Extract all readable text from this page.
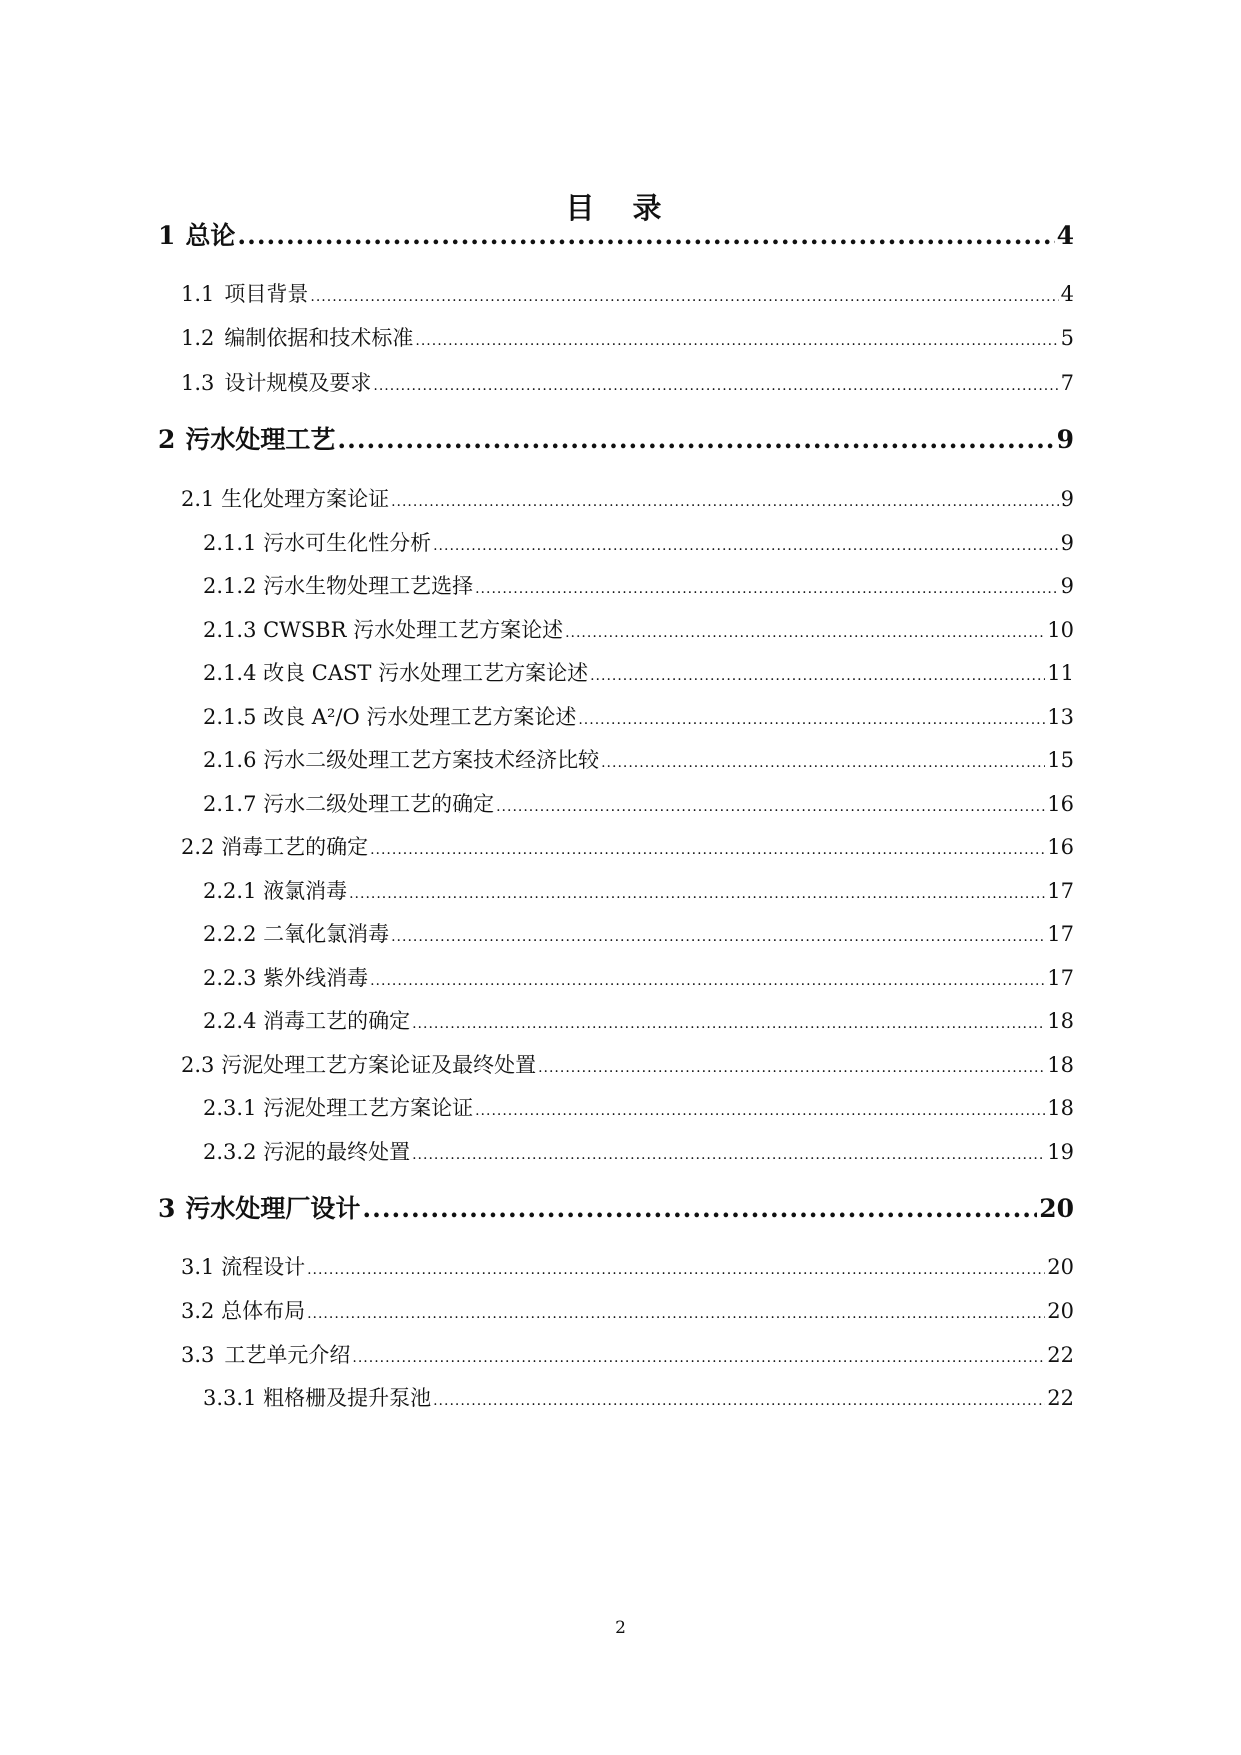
目 录
1 总论 .....	4
1.1 项目背景 .....	4
1.2 编制依据和技术标准 .....	5
1.3 设计规模及要求 .....	7
2 污水处理工艺 .....	9
2.1 生化处理方案论证 .....	9
2.1.1 污水可生化性分析 .....	9
2.1.2 污水生物处理工艺选择 .....	9
2.1.3 CWSBR 污水处理工艺方案论述 .....	10
2.1.4 改良 CAST 污水处理工艺方案论述 .....	11
2.1.5 改良 A²/O 污水处理工艺方案论述 .....	13
2.1.6 污水二级处理工艺方案技术经济比较 .....	15
2.1.7 污水二级处理工艺的确定 .....	16
2.2 消毒工艺的确定 .....	16
2.2.1 液氯消毒 .....	17
2.2.2 二氧化氯消毒 .....	17
2.2.3 紫外线消毒 .....	17
2.2.4 消毒工艺的确定 .....	18
2.3 污泥处理工艺方案论证及最终处置 .....	18
2.3.1 污泥处理工艺方案论证 .....	18
2.3.2 污泥的最终处置 .....	19
3 污水处理厂设计 .....	20
3.1 流程设计 .....	20
3.2 总体布局 .....	20
3.3 工艺单元介绍 .....	22
3.3.1 粗格栅及提升泵池 .....	22
2
